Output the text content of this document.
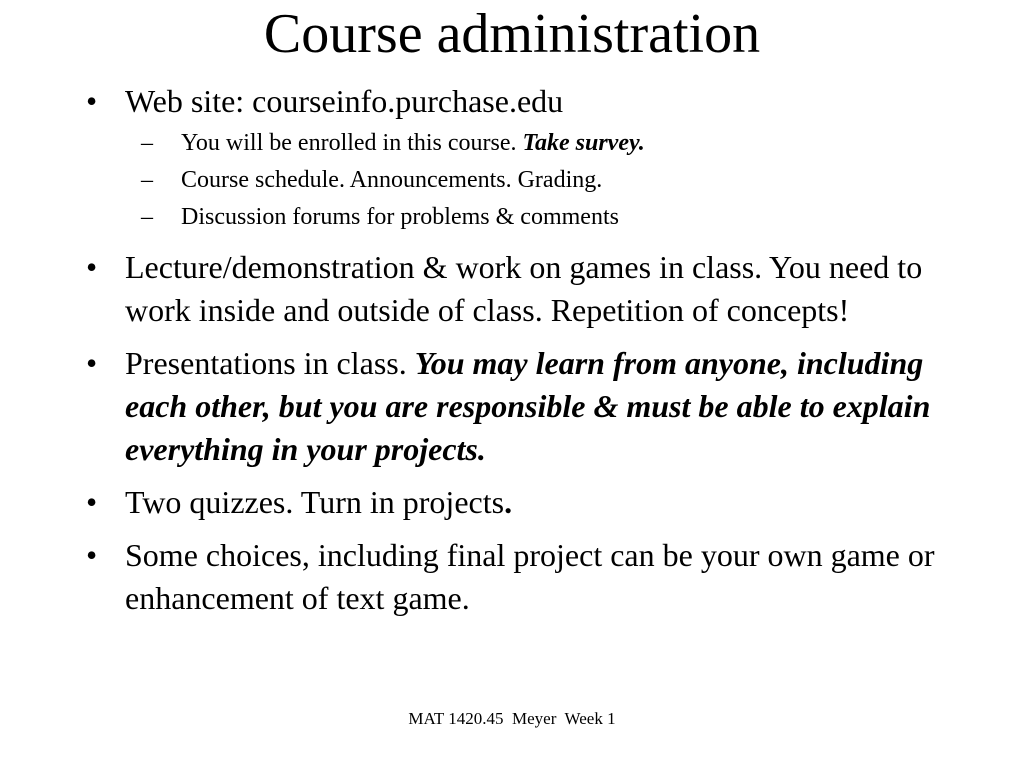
Course administration
• Web site: courseinfo.purchase.edu
– You will be enrolled in this course. Take survey.
– Course schedule. Announcements. Grading.
– Discussion forums for problems & comments
• Lecture/demonstration & work on games in class. You need to work inside and outside of class. Repetition of concepts!
• Presentations in class. You may learn from anyone, including each other, but you are responsible & must be able to explain everything in your projects.
• Two quizzes. Turn in projects.
• Some choices, including final project can be your own game or enhancement of text game.
MAT 1420.45  Meyer  Week 1
